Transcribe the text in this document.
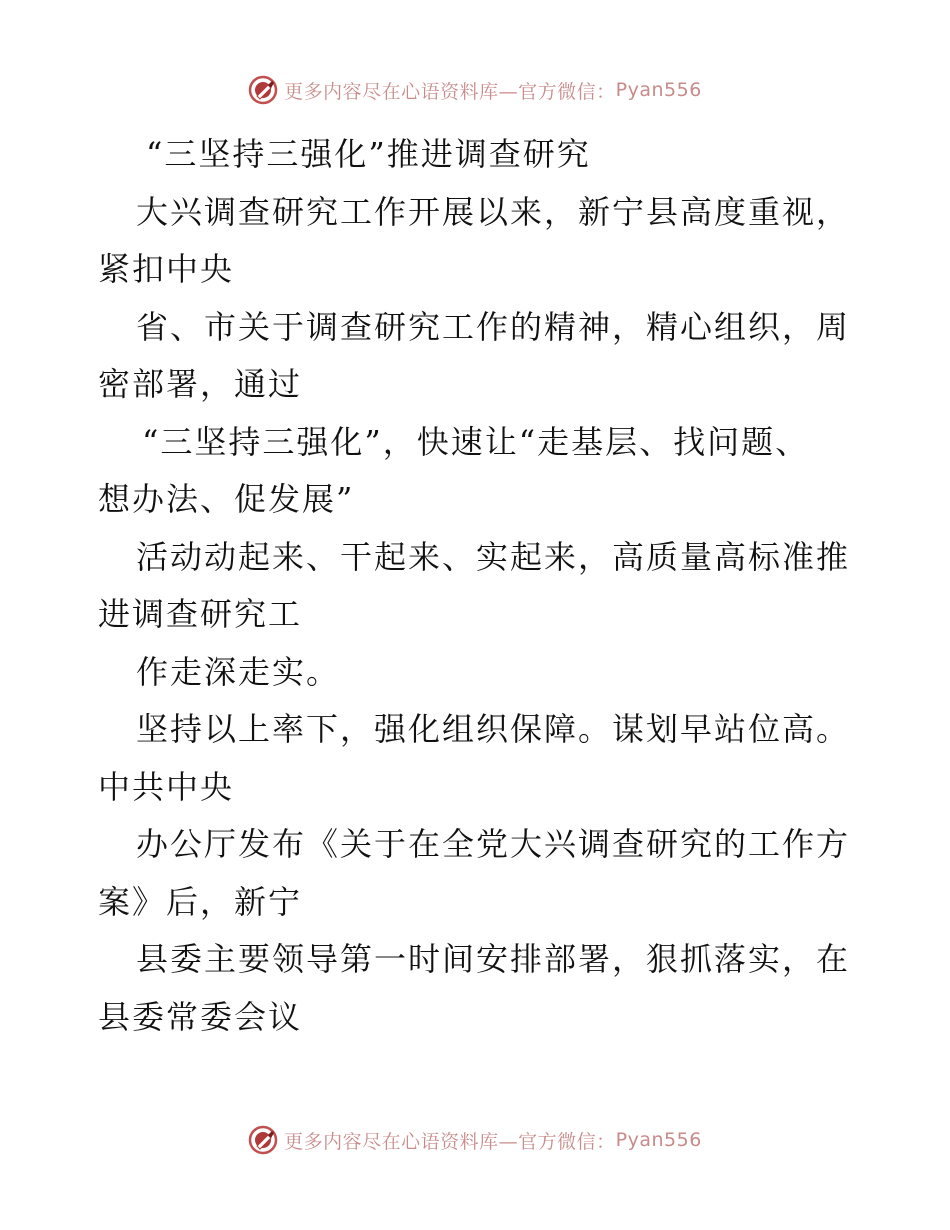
更多内容尽在心语资料库—官方微信： Pyan556
“三坚持三强化”推进调查研究
大兴调查研究工作开展以来，新宁县高度重视，
紧扣中央
省、市关于调查研究工作的精神，精心组织，周
密部署，通过
“三坚持三强化”，快速让“走基层、找问题、
想办法、促发展”
活动动起来、干起来、实起来，高质量高标准推
进调查研究工
作走深走实。
坚持以上率下，强化组织保障。谋划早站位高。
中共中央
办公厅发布《关于在全党大兴调查研究的工作方
案》后，新宁
县委主要领导第一时间安排部署，狠抓落实，在
县委常委会议
更多内容尽在心语资料库—官方微信： Pyan556
